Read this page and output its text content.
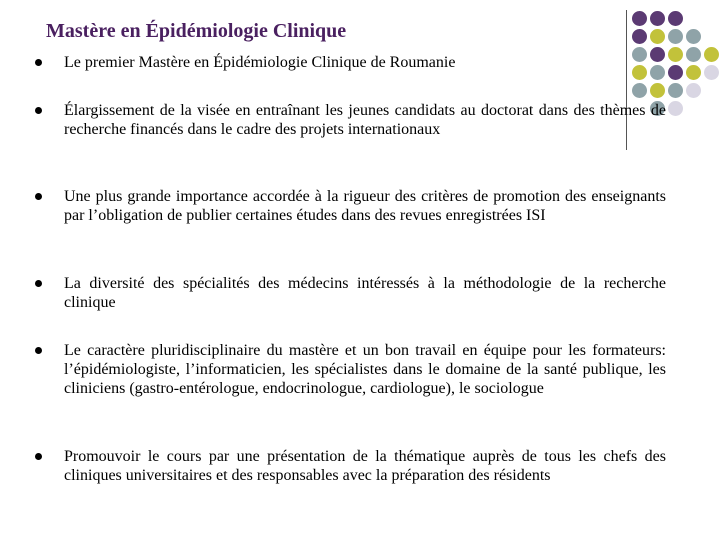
Mastère en Épidémiologie Clinique
Le premier Mastère en Épidémiologie Clinique de Roumanie
Élargissement de la visée en entraînant les jeunes candidats au doctorat dans des thèmes de recherche financés dans le cadre des projets internationaux
Une plus grande importance accordée à la rigueur des critères de promotion des enseignants par l’obligation de publier certaines études dans des revues enregistrées ISI
La diversité des spécialités des médecins intéressés à la méthodologie de la recherche clinique
Le caractère pluridisciplinaire du mastère et un bon travail en équipe pour les formateurs: l’épidémiologiste, l’informaticien, les spécialistes dans le domaine de la santé publique, les cliniciens (gastro-entérologue, endocrinologue, cardiologue), le sociologue
Promouvoir le cours par une présentation de la thématique auprès de tous les chefs des cliniques universitaires et des responsables avec la préparation des résidents
